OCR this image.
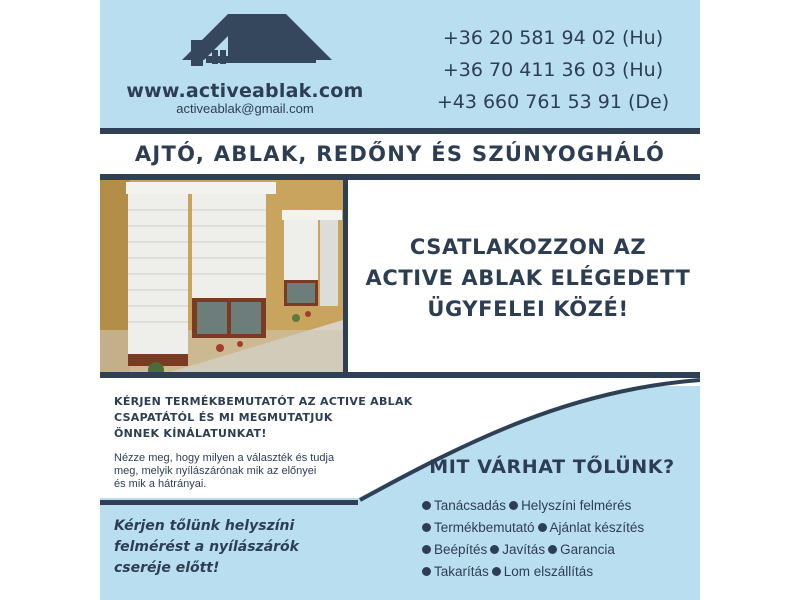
www.activeablak.com
activeablak@gmail.com
+36 20 581 94 02 (Hu)
+36 70 411 36 03 (Hu)
+43 660 761 53 91 (De)
AJTÓ, ABLAK, REDŐNY ÉS SZÚNYOGHÁLÓ
CSATLAKOZZON AZ
ACTIVE ABLAK ELÉGEDETT
ÜGYFELEI KÖZÉ!
KÉRJEN TERMÉKBEMUTATÓT AZ ACTIVE ABLAK
CSAPATÁTÓL ÉS MI MEGMUTATJUK
ÖNNEK KÍNÁLATUNKAT!
Nézze meg, hogy milyen a választék és tudja
meg, melyik nyílászárónak mik az előnyei
és mik a hátrányai.
Kérjen tőlünk helyszíni
felmérést a nyílászárók
cseréje előtt!
MIT VÁRHAT TŐLÜNK?
Tanácsadás Helyszíni felmérés
Termékbemutató Ajánlat készítés
Beépítés Javítás Garancia
Takarítás Lom elszállítás
